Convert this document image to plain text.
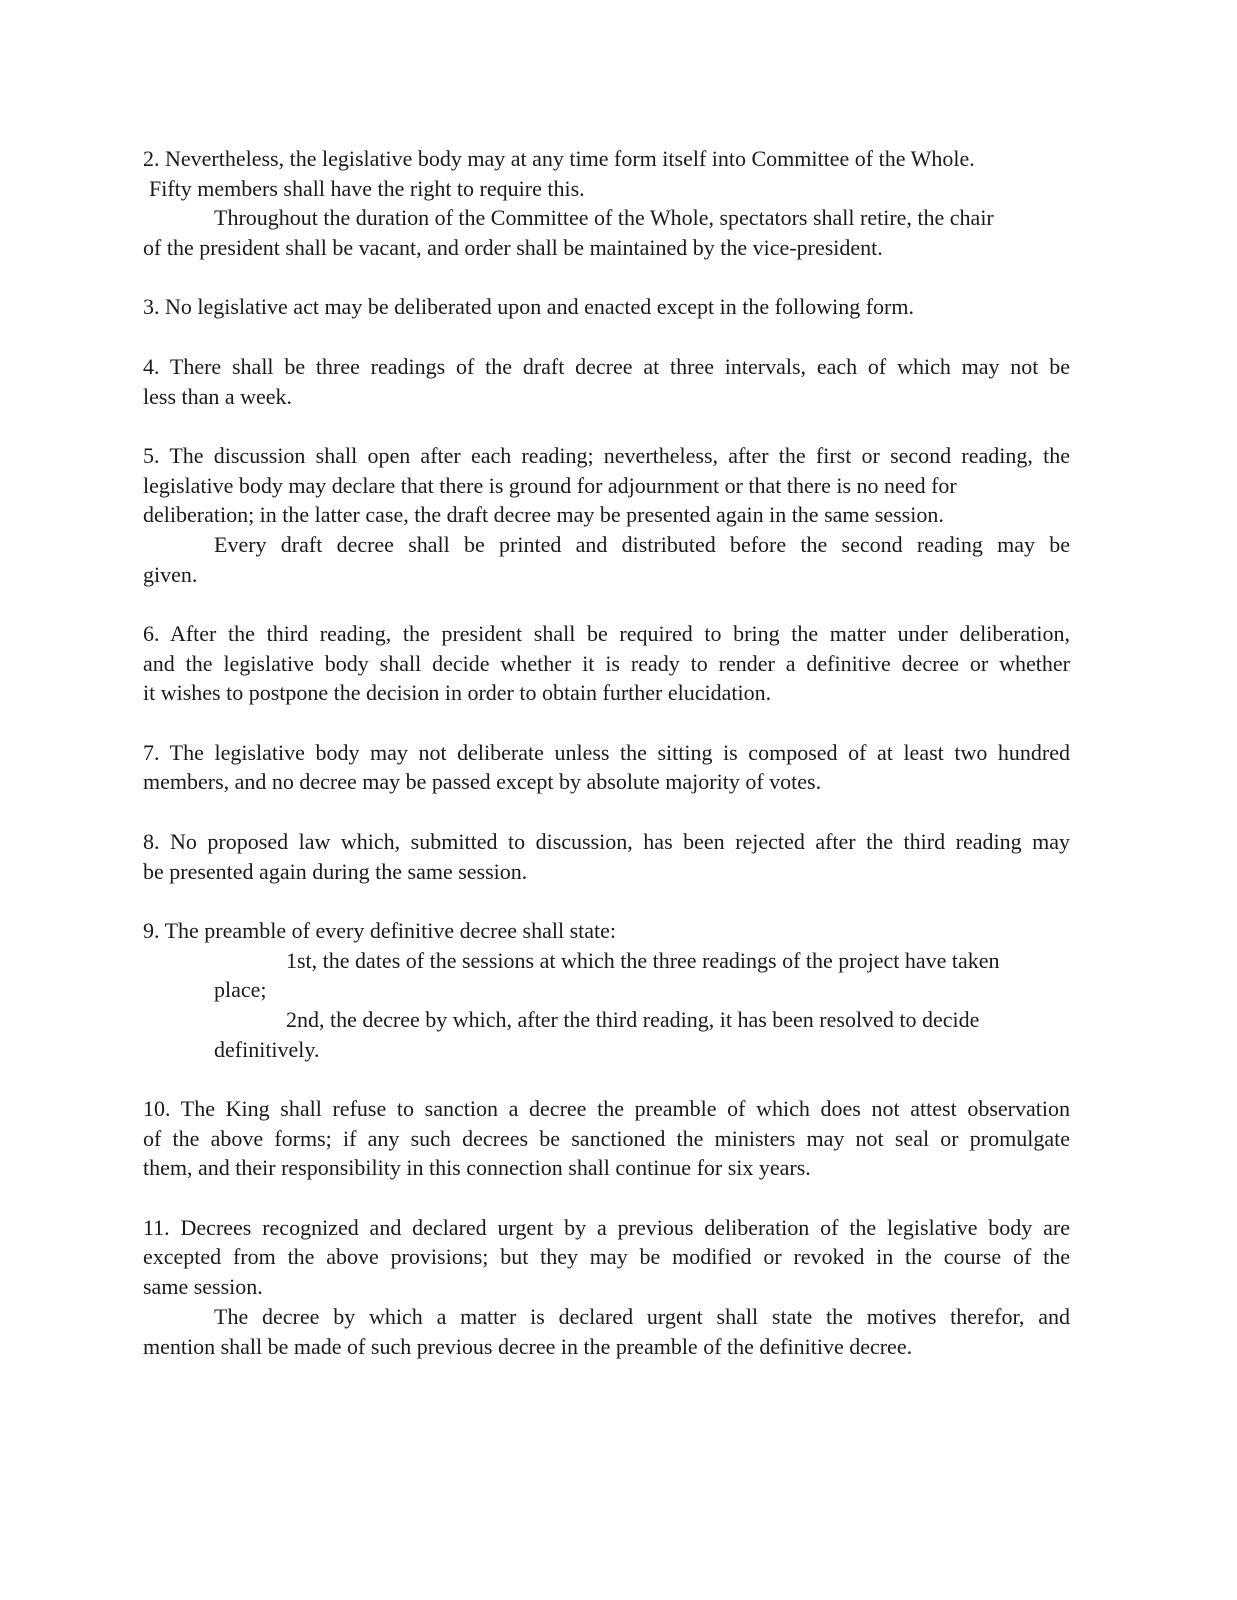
2. Nevertheless, the legislative body may at any time form itself into Committee of the Whole.
Fifty members shall have the right to require this.
Throughout the duration of the Committee of the Whole, spectators shall retire, the chair
of the president shall be vacant, and order shall be maintained by the vice-president.
3. No legislative act may be deliberated upon and enacted except in the following form.
4. There shall be three readings of the draft decree at three intervals, each of which may not be
less than a week.
5. The discussion shall open after each reading; nevertheless, after the first or second reading, the
legislative body may declare that there is ground for adjournment or that there is no need for
deliberation; in the latter case, the draft decree may be presented again in the same session.
Every draft decree shall be printed and distributed before the second reading may be
given.
6. After the third reading, the president shall be required to bring the matter under deliberation,
and the legislative body shall decide whether it is ready to render a definitive decree or whether
it wishes to postpone the decision in order to obtain further elucidation.
7. The legislative body may not deliberate unless the sitting is composed of at least two hundred
members, and no decree may be passed except by absolute majority of votes.
8. No proposed law which, submitted to discussion, has been rejected after the third reading may
be presented again during the same session.
9. The preamble of every definitive decree shall state:
1st, the dates of the sessions at which the three readings of the project have taken
place;
2nd, the decree by which, after the third reading, it has been resolved to decide
definitively.
10. The King shall refuse to sanction a decree the preamble of which does not attest observation
of the above forms; if any such decrees be sanctioned the ministers may not seal or promulgate
them, and their responsibility in this connection shall continue for six years.
11. Decrees recognized and declared urgent by a previous deliberation of the legislative body are
excepted from the above provisions; but they may be modified or revoked in the course of the
same session.
The decree by which a matter is declared urgent shall state the motives therefor, and
mention shall be made of such previous decree in the preamble of the definitive decree.
